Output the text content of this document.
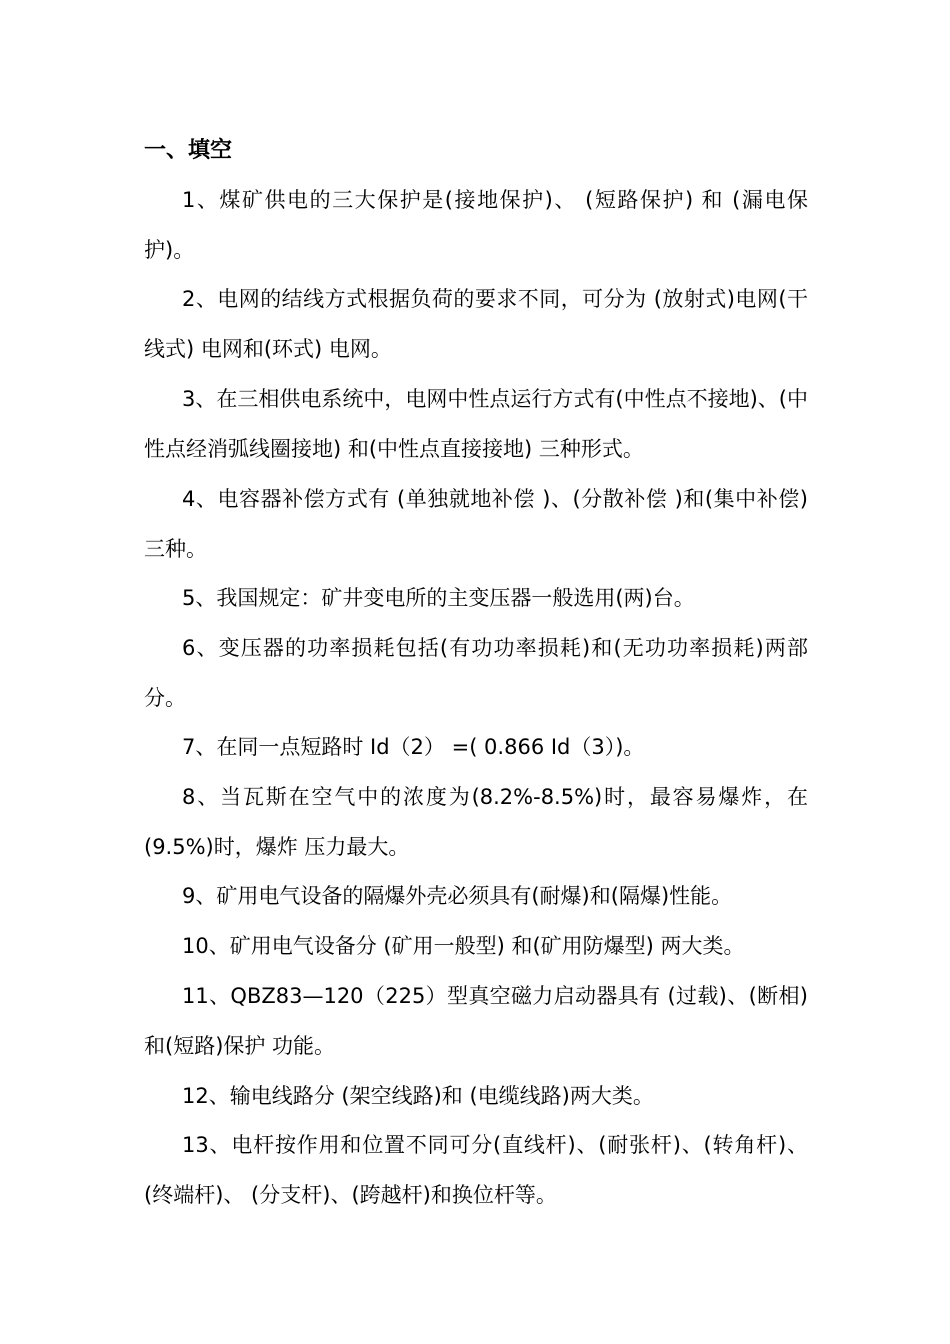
一、填空
1、煤矿供电的三大保护是(接地保护)、 (短路保护) 和 (漏电保护)。
2、电网的结线方式根据负荷的要求不同，可分为 (放射式)电网(干线式) 电网和(环式) 电网。
3、在三相供电系统中，电网中性点运行方式有(中性点不接地)、(中性点经消弧线圈接地) 和(中性点直接接地) 三种形式。
4、电容器补偿方式有 (单独就地补偿 )、(分散补偿 )和(集中补偿) 三种。
5、我国规定：矿井变电所的主变压器一般选用(两)台。
6、变压器的功率损耗包括(有功功率损耗)和(无功功率损耗)两部分。
7、在同一点短路时 Id（2） =( 0.866 Id（3）)。
8、当瓦斯在空气中的浓度为(8.2%-8.5%)时，最容易爆炸，在(9.5%)时，爆炸 压力最大。
9、矿用电气设备的隔爆外壳必须具有(耐爆)和(隔爆)性能。
10、矿用电气设备分 (矿用一般型) 和(矿用防爆型) 两大类。
11、QBZ83—120（225）型真空磁力启动器具有 (过载)、(断相)和(短路)保护 功能。
12、输电线路分 (架空线路)和 (电缆线路)两大类。
13、电杆按作用和位置不同可分(直线杆)、(耐张杆)、(转角杆)、(终端杆)、 (分支杆)、(跨越杆)和换位杆等。
